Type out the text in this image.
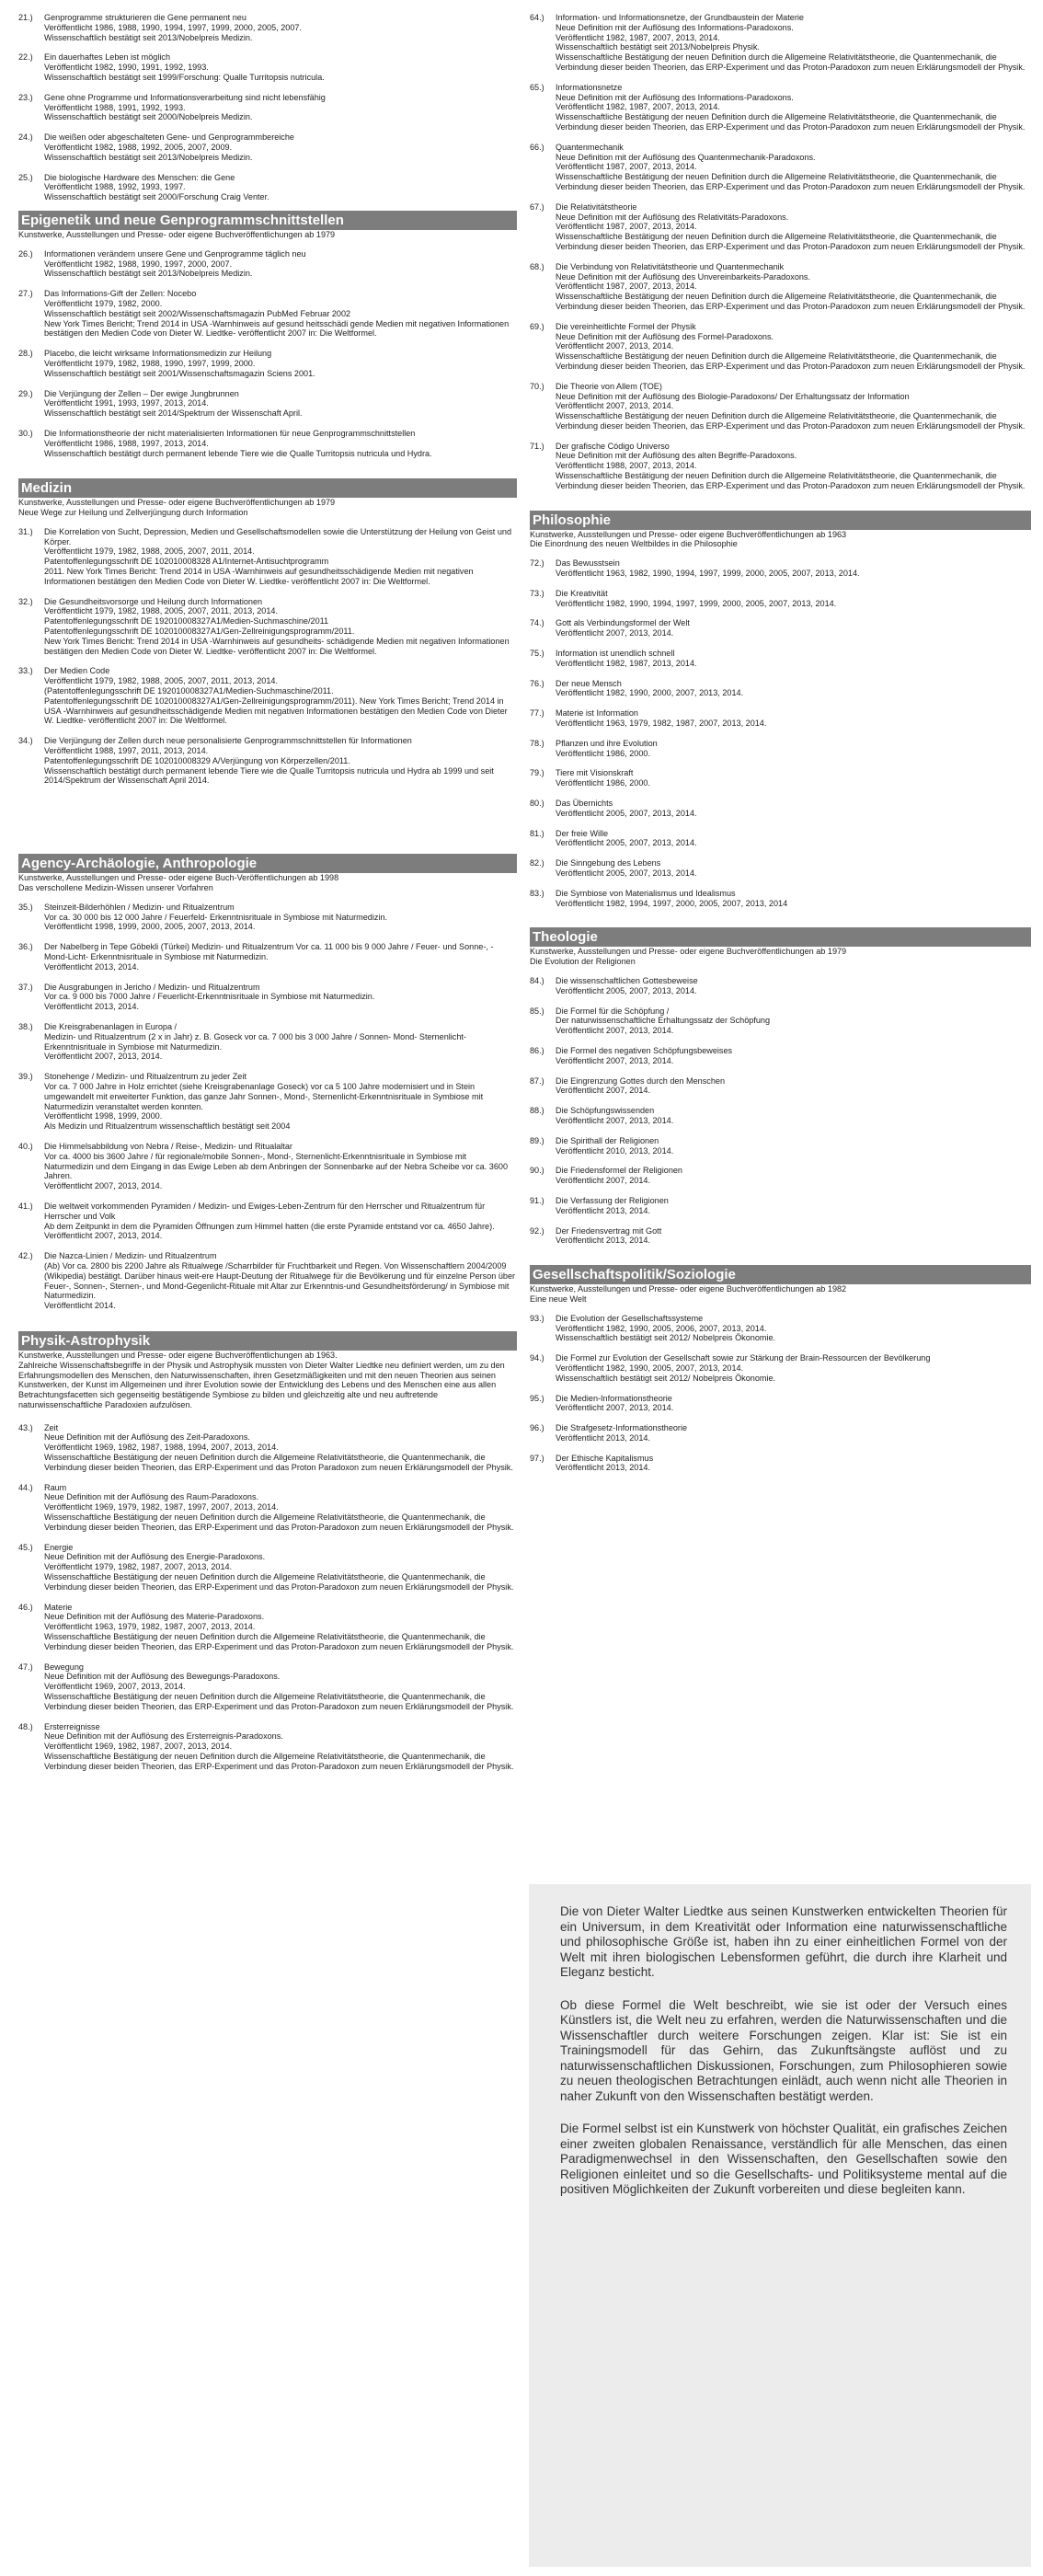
21.)	Genprogramme strukturieren die Gene permanent neu
Veröffentlicht 1986, 1988, 1990, 1994, 1997, 1999, 2000, 2005, 2007.
Wissenschaftlich bestätigt seit 2013/Nobelpreis Medizin.
22.)	Ein dauerhaftes Leben ist möglich
Veröffentlicht 1982, 1990, 1991, 1992, 1993.
Wissenschaftlich bestätigt seit 1999/Forschung: Qualle Turritopsis nutricula.
23.)	Gene ohne Programme und Informationsverarbeitung sind nicht lebensfähig
Veröffentlicht 1988, 1991, 1992, 1993.
Wissenschaftlich bestätigt seit 2000/Nobelpreis Medizin.
24.)	Die weißen oder abgeschalteten Gene- und Genprogrammbereiche
Veröffentlicht 1982, 1988, 1992, 2005, 2007, 2009.
Wissenschaftlich bestätigt seit 2013/Nobelpreis Medizin.
25.)	Die biologische Hardware des Menschen: die Gene
Veröffentlicht 1988, 1992, 1993, 1997.
Wissenschaftlich bestätigt seit 2000/Forschung Craig Venter.
Epigenetik und neue Genprogrammschnittstellen
Kunstwerke, Ausstellungen und Presse- oder eigene Buchveröffentlichungen ab 1979
26.)	Informationen verändern unsere Gene und Genprogramme täglich neu
Veröffentlicht 1982, 1988, 1990, 1997, 2000, 2007.
Wissenschaftlich bestätigt seit 2013/Nobelpreis Medizin.
27.)	Das Informations-Gift der Zellen: Nocebo
Veröffentlicht 1979, 1982, 2000.
Wissenschaftlich bestätigt seit 2002/Wissenschaftsmagazin PubMed Februar 2002
New York Times Bericht; Trend 2014 in USA -Warnhinweis auf gesund heitsschädi gende Medien mit negativen Informationen bestätigen den Medien Code von Dieter W. Liedtke- veröffentlicht 2007 in: Die Weltformel.
28.)	Placebo, die leicht wirksame Informationsmedizin zur Heilung
Veröffentlicht 1979, 1982, 1988, 1990, 1997, 1999, 2000.
Wissenschaftlich bestätigt seit 2001/Wissenschaftsmagazin Sciens 2001.
29.)	Die Verjüngung der Zellen – Der ewige Jungbrunnen
Veröffentlicht 1991, 1993, 1997, 2013, 2014.
Wissenschaftlich bestätigt seit 2014/Spektrum der Wissenschaft April.
30.)	Die Informationstheorie der nicht materialisierten Informationen für neue Genprogrammschnittstellen
Veröffentlicht 1986, 1988, 1997, 2013, 2014.
Wissenschaftlich bestätigt durch permanent lebende Tiere wie die Qualle Turritopsis nutricula und Hydra.
Medizin
Kunstwerke, Ausstellungen und Presse- oder eigene Buchveröffentlichungen ab 1979
Neue Wege zur Heilung und Zellverjüngung durch Information
31.)	Die Korrelation von Sucht, Depression, Medien und Gesellschaftsmodellen sowie die Unterstützung der Heilung von Geist und Körper.
Veröffentlicht 1979, 1982, 1988, 2005, 2007, 2011, 2014.
Patentoffenlegungsschrift DE 102010008328 A1/Internet-Antisuchtprogramm
2011. New York Times Bericht: Trend 2014 in USA -Warnhinweis auf gesundheitsschädigende Medien mit negativen Informationen bestätigen den Medien Code von Dieter W. Liedtke- veröffentlicht 2007 in: Die Weltformel.
32.)	Die Gesundheitsvorsorge und Heilung durch Informationen
Veröffentlicht 1979, 1982, 1988, 2005, 2007, 2011, 2013, 2014.
Patentoffenlegungsschrift DE 192010008327A1/Medien-Suchmaschine/2011
Patentoffenlegungsschrift DE 102010008327A1/Gen-Zellreinigungsprogramm/2011.
New York Times Bericht: Trend 2014 in USA -Warnhinweis auf gesundheits- schädigende Medien mit negativen Informationen bestätigen den Medien Code von Dieter W. Liedtke- veröffentlicht 2007 in: Die Weltformel.
33.)	Der Medien Code
Veröffentlicht 1979, 1982, 1988, 2005, 2007, 2011, 2013, 2014.
(Patentoffenlegungsschrift DE 192010008327A1/Medien-Suchmaschine/2011.
Patentoffenlegungsschrift DE 102010008327A1/Gen-Zellreinigungsprogramm/2011). New York Times Bericht; Trend 2014 in USA -Warnhinweis auf gesundheitsschädigende Medien mit negativen Informationen bestätigen den Medien Code von Dieter W. Liedtke- veröffentlicht 2007 in: Die Weltformel.
34.)	Die Verjüngung der Zellen durch neue personalisierte Genprogrammschnittstellen für Informationen
Veröffentlicht 1988, 1997, 2011, 2013, 2014.
Patentoffenlegungsschrift DE 102010008329 A/Verjüngung von Körperzellen/2011.
Wissenschaftlich bestätigt durch permanent lebende Tiere wie die Qualle Turritopsis nutricula und Hydra ab 1999 und seit 2014/Spektrum der Wissenschaft April 2014.
Agency-Archäologie, Anthropologie
Kunstwerke, Ausstellungen und Presse- oder eigene Buch-Veröffentlichungen ab 1998
Das verschollene Medizin-Wissen unserer Vorfahren
35.)	Steinzeit-Bilderhöhlen / Medizin- und Ritualzentrum
Vor ca. 30 000 bis 12 000 Jahre / Feuerfeld- Erkenntnisrituale in Symbiose mit Naturmedizin.
Veröffentlicht 1998, 1999, 2000, 2005, 2007, 2013, 2014.
36.)	Der Nabelberg in Tepe Göbekli (Türkei) Medizin- und Ritualzentrum Vor ca. 11 000 bis 9 000 Jahre / Feuer- und Sonne-, -Mond-Licht- Erkenntnisrituale in Symbiose mit Naturmedizin.
Veröffentlicht 2013, 2014.
37.)	Die Ausgrabungen in Jericho / Medizin- und Ritualzentrum
Vor ca. 9 000 bis 7000 Jahre / Feuerlicht-Erkenntnisrituale in Symbiose mit Naturmedizin.
Veröffentlicht 2013, 2014.
38.)	Die Kreisgrabenanlagen in Europa /
Medizin- und Ritualzentrum (2 x in Jahr) z. B. Goseck vor ca. 7 000 bis 3 000 Jahre / Sonnen- Mond- Sternenlicht-Erkenntnisrituale in Symbiose mit Naturmedizin.
Veröffentlicht 2007, 2013, 2014.
39.)	Stonehenge / Medizin- und Ritualzentrum zu jeder Zeit
Vor ca. 7 000 Jahre in Holz errichtet (siehe Kreisgrabenanlage Goseck) vor ca 5 100 Jahre modernisiert und in Stein umgewandelt mit erweiterter Funktion, das ganze Jahr Sonnen-, Mond-, Sternenlicht-Erkenntnisrituale in Symbiose mit Naturmedizin veranstaltet werden konnten.
Veröffentlicht 1998, 1999, 2000.
Als Medizin und Ritualzentrum wissenschaftlich bestätigt seit 2004
40.)	Die Himmelsabbildung von Nebra / Reise-, Medizin- und Ritualaltar
Vor ca. 4000 bis 3600 Jahre / für regionale/mobile Sonnen-, Mond-, Sternenlicht-Erkenntnisrituale in Symbiose mit Naturmedizin und dem Eingang in das Ewige Leben ab dem Anbringen der Sonnenbarke auf der Nebra Scheibe vor ca. 3600 Jahren.
Veröffentlicht 2007, 2013, 2014.
41.)	Die weltweit vorkommenden Pyramiden / Medizin- und Ewiges-Leben-Zentrum für den Herrscher und Ritualzentrum für Herrscher und Volk
Ab dem Zeitpunkt in dem die Pyramiden Öffnungen zum Himmel hatten (die erste Pyramide entstand vor ca. 4650 Jahre).
Veröffentlicht 2007, 2013, 2014.
42.)	Die Nazca-Linien / Medizin- und Ritualzentrum
(Ab) Vor ca. 2800 bis 2200 Jahre als Ritualwege /Scharrbilder für Fruchtbarkeit und Regen. Von Wissenschaftlern 2004/2009 (Wikipedia) bestätigt. Darüber hinaus weit-ere Haupt-Deutung der Ritualwege für die Bevölkerung und für einzelne Person über Feuer-, Sonnen-, Sternen-, und Mond-Gegenlicht-Rituale mit Altar zur Erkenntnis-und Gesundheitsförderung/ in Symbiose mit Naturmedizin.
Veröffentlicht 2014.
Physik-Astrophysik
Kunstwerke, Ausstellungen und Presse- oder eigene Buchveröffentlichungen ab 1963.
Zahlreiche Wissenschaftsbegriffe in der Physik und Astrophysik mussten von Dieter Walter Liedtke neu definiert werden, um zu den Erfahrungsmodellen des Menschen, den Naturwissenschaften, ihren Gesetzmäßigkeiten und mit den neuen Theorien aus seinen Kunstwerken, der Kunst im Allgemeinen und ihrer Evolution sowie der Entwicklung des Lebens und des Menschen eine aus allen Betrachtungsfacetten sich gegenseitig bestätigende Symbiose zu bilden und gleichzeitig alte und neu auftretende naturwissenschaftliche Paradoxien aufzulösen.
43.)	Zeit
Neue Definition mit der Auflösung des Zeit-Paradoxons.
Veröffentlicht 1969, 1982, 1987, 1988, 1994, 2007, 2013, 2014.
Wissenschaftliche Bestätigung der neuen Definition durch die Allgemeine Relativitätstheorie, die Quantenmechanik, die Verbindung dieser beiden Theorien, das ERP-Experiment und das Proton Paradoxon zum neuen Erklärungsmodell der Physik.
44.)	Raum
Neue Definition mit der Auflösung des Raum-Paradoxons.
Veröffentlicht 1969, 1979, 1982, 1987, 1997, 2007, 2013, 2014.
Wissenschaftliche Bestätigung der neuen Definition durch die Allgemeine Relativitätstheorie, die Quantenmechanik, die Verbindung dieser beiden Theorien, das ERP-Experiment und das Proton-Paradoxon zum neuen Erklärungsmodell der Physik.
45.)	Energie
Neue Definition mit der Auflösung des Energie-Paradoxons.
Veröffentlicht 1979, 1982, 1987, 2007, 2013, 2014.
Wissenschaftliche Bestätigung der neuen Definition durch die Allgemeine Relativitätstheorie, die Quantenmechanik, die Verbindung dieser beiden Theorien, das ERP-Experiment und das Proton-Paradoxon zum neuen Erklärungsmodell der Physik.
46.)	Materie
Neue Definition mit der Auflösung des Materie-Paradoxons.
Veröffentlicht 1963, 1979, 1982, 1987, 2007, 2013, 2014.
Wissenschaftliche Bestätigung der neuen Definition durch die Allgemeine Relativitätstheorie, die Quantenmechanik, die Verbindung dieser beiden Theorien, das ERP-Experiment und das Proton-Paradoxon zum neuen Erklärungsmodell der Physik.
47.)	Bewegung
Neue Definition mit der Auflösung des Bewegungs-Paradoxons.
Veröffentlicht 1969, 2007, 2013, 2014.
Wissenschaftliche Bestätigung der neuen Definition durch die Allgemeine Relativitätstheorie, die Quantenmechanik, die Verbindung dieser beiden Theorien, das ERP-Experiment und das Proton-Paradoxon zum neuen Erklärungsmodell der Physik.
48.)	Ersterreignisse
Neue Definition mit der Auflösung des Ersterreignis-Paradoxons.
Veröffentlicht 1969, 1982, 1987, 2007, 2013, 2014.
Wissenschaftliche Bestätigung der neuen Definition durch die Allgemeine Relativitätstheorie, die Quantenmechanik, die Verbindung dieser beiden Theorien, das ERP-Experiment und das Proton-Paradoxon zum neuen Erklärungsmodell der Physik.
64.)	Information- und Informationsnetze, der Grundbaustein der Materie
Neue Definition mit der Auflösung des Informations-Paradoxons.
Veröffentlicht 1982, 1987, 2007, 2013, 2014.
Wissenschaftlich bestätigt seit 2013/Nobelpreis Physik.
Wissenschaftliche Bestätigung der neuen Definition durch die Allgemeine Relativitätstheorie, die Quantenmechanik, die Verbindung dieser beiden Theorien, das ERP-Experiment und das Proton-Paradoxon zum neuen Erklärungsmodell der Physik.
65.)	Informationsnetze
Neue Definition mit der Auflösung des Informations-Paradoxons.
Veröffentlicht 1982, 1987, 2007, 2013, 2014.
Wissenschaftliche Bestätigung der neuen Definition durch die Allgemeine Relativitätstheorie, die Quantenmechanik, die Verbindung dieser beiden Theorien, das ERP-Experiment und das Proton-Paradoxon zum neuen Erklärungsmodell der Physik.
66.)	Quantenmechanik
Neue Definition mit der Auflösung des Quantenmechanik-Paradoxons.
Veröffentlicht 1987, 2007, 2013, 2014.
Wissenschaftliche Bestätigung der neuen Definition durch die Allgemeine Relativitätstheorie, die Quantenmechanik, die Verbindung dieser beiden Theorien, das ERP-Experiment und das Proton-Paradoxon zum neuen Erklärungsmodell der Physik.
67.)	Die Relativitätstheorie
Neue Definition mit der Auflösung des Relativitäts-Paradoxons.
Veröffentlicht 1987, 2007, 2013, 2014.
Wissenschaftliche Bestätigung der neuen Definition durch die Allgemeine Relativitätstheorie, die Quantenmechanik, die Verbindung dieser beiden Theorien, das ERP-Experiment und das Proton-Paradoxon zum neuen Erklärungsmodell der Physik.
68.)	Die Verbindung von Relativitätstheorie und Quantenmechanik
Neue Definition mit der Auflösung des Unvereinbarkeits-Paradoxons.
Veröffentlicht 1987, 2007, 2013, 2014.
Wissenschaftliche Bestätigung der neuen Definition durch die Allgemeine Relativitätstheorie, die Quantenmechanik, die Verbindung dieser beiden Theorien, das ERP-Experiment und das Proton-Paradoxon zum neuen Erklärungsmodell der Physik.
69.)	Die vereinheitlichte Formel der Physik
Neue Definition mit der Auflösung des Formel-Paradoxons.
Veröffentlicht 2007, 2013, 2014.
Wissenschaftliche Bestätigung der neuen Definition durch die Allgemeine Relativitätstheorie, die Quantenmechanik, die Verbindung dieser beiden Theorien, das ERP-Experiment und das Proton-Paradoxon zum neuen Erklärungsmodell der Physik.
70.)	Die Theorie von Allem (TOE)
Neue Definition mit der Auflösung des Biologie-Paradoxons/ Der Erhaltungssatz der Information
Veröffentlicht 2007, 2013, 2014.
Wissenschaftliche Bestätigung der neuen Definition durch die Allgemeine Relativitätstheorie, die Quantenmechanik, die Verbindung dieser beiden Theorien, das ERP-Experiment und das Proton-Paradoxon zum neuen Erklärungsmodell der Physik.
71.)	Der grafische Código Universo
Neue Definition mit der Auflösung des alten Begriffe-Paradoxons.
Veröffentlicht 1988, 2007, 2013, 2014.
Wissenschaftliche Bestätigung der neuen Definition durch die Allgemeine Relativitätstheorie, die Quantenmechanik, die Verbindung dieser beiden Theorien, das ERP-Experiment und das Proton-Paradoxon zum neuen Erklärungsmodell der Physik.
Philosophie
Kunstwerke, Ausstellungen und Presse- oder eigene Buchveröffentlichungen ab 1963
Die Einordnung des neuen Weltbildes in die Philosophie
72.)	Das Bewusstsein
Veröffentlicht 1963, 1982, 1990, 1994, 1997, 1999, 2000, 2005, 2007, 2013, 2014.
73.)	Die Kreativität
Veröffentlicht 1982, 1990, 1994, 1997, 1999, 2000, 2005, 2007, 2013, 2014.
74.)	Gott als Verbindungsformel der Welt
Veröffentlicht 2007, 2013, 2014.
75.)	Information ist unendlich schnell
Veröffentlicht 1982, 1987, 2013, 2014.
76.)	Der neue Mensch
Veröffentlicht 1982, 1990, 2000, 2007, 2013, 2014.
77.)	Materie ist Information
Veröffentlicht 1963, 1979, 1982, 1987, 2007, 2013, 2014.
78.)	Pflanzen und ihre Evolution
Veröffentlicht 1986, 2000.
79.)	Tiere mit Visionskraft
Veröffentlicht 1986, 2000.
80.)	Das Übernichts
Veröffentlicht 2005, 2007, 2013, 2014.
81.)	Der freie Wille
Veröffentlicht 2005, 2007, 2013, 2014.
82.)	Die Sinngebung des Lebens
Veröffentlicht 2005, 2007, 2013, 2014.
83.)	Die Symbiose von Materialismus und Idealismus
Veröffentlicht 1982, 1994, 1997, 2000, 2005, 2007, 2013, 2014
Theologie
Kunstwerke, Ausstellungen und Presse- oder eigene Buchveröffentlichungen ab 1979
Die Evolution der Religionen
84.)	Die wissenschaftlichen Gottesbeweise
Veröffentlicht 2005, 2007, 2013, 2014.
85.)	Die Formel für die Schöpfung /
Der naturwissenschaftliche Erhaltungssatz der Schöpfung
Veröffentlicht 2007, 2013, 2014.
86.)	Die Formel des negativen Schöpfungsbeweises
Veröffentlicht 2007, 2013, 2014.
87.)	Die Eingrenzung Gottes durch den Menschen
Veröffentlicht 2007, 2014.
88.)	Die Schöpfungswissenden
Veröffentlicht 2007, 2013, 2014.
89.)	Die Spirithall der Religionen
Veröffentlicht 2010, 2013, 2014.
90.)	Die Friedensformel der Religionen
Veröffentlicht 2007, 2014.
91.)	Die Verfassung der Religionen
Veröffentlicht 2013, 2014.
92.)	Der Friedensvertrag mit Gott
Veröffentlicht 2013, 2014.
Gesellschaftspolitik/Soziologie
Kunstwerke, Ausstellungen und Presse- oder eigene Buchveröffentlichungen ab 1982
Eine neue Welt
93.)	Die Evolution der Gesellschaftssysteme
Veröffentlicht 1982, 1990, 2005, 2006, 2007, 2013, 2014.
Wissenschaftlich bestätigt seit 2012/ Nobelpreis Ökonomie.
94.)	Die Formel zur Evolution der Gesellschaft sowie zur Stärkung der Brain-Ressourcen der Bevölkerung
Veröffentlicht 1982, 1990, 2005, 2007, 2013, 2014.
Wissenschaftlich bestätigt seit 2012/ Nobelpreis Ökonomie.
95.)	Die Medien-Informationstheorie
Veröffentlicht 2007, 2013, 2014.
96.)	Die Strafgesetz-Informationstheorie
Veröffentlicht 2013, 2014.
97.)	Der Ethische Kapitalismus
Veröffentlicht 2013, 2014.

Die von Dieter Walter Liedtke aus seinen Kunstwerken entwickelten Theorien für ein Universum, in dem Kreativität oder Information eine naturwissenschaftliche und philosophische Größe ist, haben ihn zu einer einheitlichen Formel von der Welt mit ihren biologischen Lebensformen geführt, die durch ihre Klarheit und Eleganz besticht.

Ob diese Formel die Welt beschreibt, wie sie ist oder der Versuch eines Künstlers ist, die Welt neu zu erfahren, werden die Naturwissenschaften und die Wissenschaftler durch weitere Forschungen zeigen. Klar ist: Sie ist ein Trainingsmodell für das Gehirn, das Zukunftsängste auflöst und zu naturwissenschaftlichen Diskussionen, Forschungen, zum Philosophieren sowie zu neuen theologischen Betrachtungen einlädt, auch wenn nicht alle Theorien in naher Zukunft von den Wissenschaften bestätigt werden.

Die Formel selbst ist ein Kunstwerk von höchster Qualität, ein grafisches Zeichen einer zweiten globalen Renaissance, verständlich für alle Menschen, das einen Paradigmenwechsel in den Wissenschaften, den Gesellschaften sowie den Religionen einleitet und so die Gesellschafts- und Politiksysteme mental auf die positiven Möglichkeiten der Zukunft vorbereiten und diese begleiten kann.
